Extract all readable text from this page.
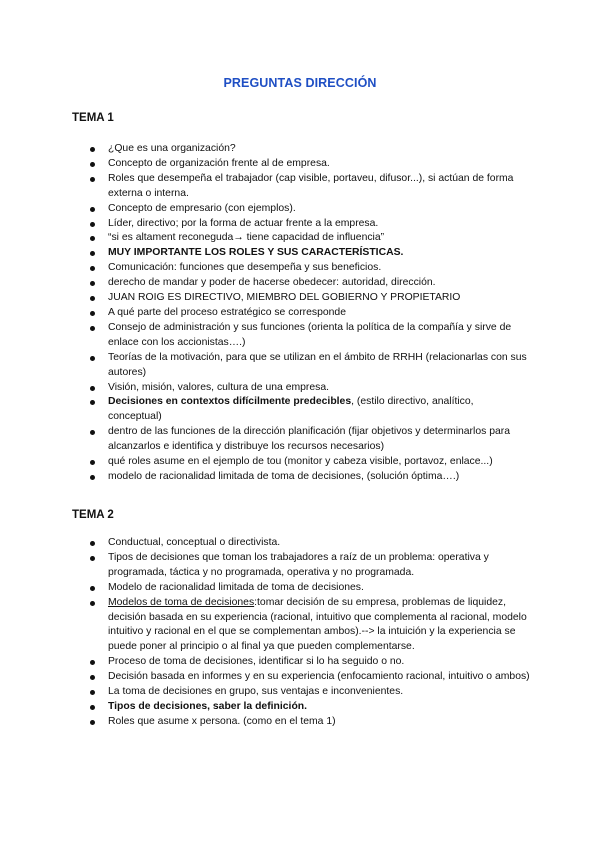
PREGUNTAS DIRECCIÓN
TEMA 1
¿Que es una organización?
Concepto de organización frente al de empresa.
Roles que desempeña el trabajador (cap visible, portaveu, difusor...), si actúan de forma externa o interna.
Concepto de empresario (con ejemplos).
Líder, directivo; por la forma de actuar frente a la empresa.
“si es altament reconeguda→ tiene capacidad de influencia”
MUY IMPORTANTE LOS ROLES Y SUS CARACTERÍSTICAS.
Comunicación: funciones que desempeña y sus beneficios.
derecho de mandar y poder de hacerse obedecer: autoridad, dirección.
JUAN ROIG ES DIRECTIVO, MIEMBRO DEL GOBIERNO Y PROPIETARIO
A qué parte del proceso estratégico se corresponde
Consejo de administración y sus funciones (orienta la política de la compañía y sirve de enlace con los accionistas….)
Teorías de la motivación, para que se utilizan en el ámbito de RRHH (relacionarlas con sus autores)
Visión, misión, valores, cultura de una empresa.
Decisiones en contextos difícilmente predecibles, (estilo directivo, analítico, conceptual)
dentro de las funciones de la dirección planificación (fijar objetivos y determinarlos para alcanzarlos e identifica y distribuye los recursos necesarios)
qué roles asume en el ejemplo de tou (monitor y cabeza visible, portavoz, enlace...)
modelo de racionalidad limitada de toma de decisiones, (solución óptima….)
TEMA 2
Conductual, conceptual o directivista.
Tipos de decisiones que toman los trabajadores a raíz de un problema: operativa y programada, táctica y no programada, operativa y no programada.
Modelo de racionalidad limitada de toma de decisiones.
Modelos de toma de decisiones:tomar decisión de su empresa, problemas de liquidez, decisión basada en su experiencia (racional, intuitivo que complementa al racional, modelo intuitivo y racional en el que se complementan ambos).--> la intuición y la experiencia se puede poner al principio o al final ya que pueden complementarse.
Proceso de toma de decisiones, identificar si lo ha seguido o no.
Decisión basada en informes y en su experiencia (enfocamiento racional, intuitivo o ambos)
La toma de decisiones en grupo, sus ventajas e inconvenientes.
Tipos de decisiones, saber la definición.
Roles que asume x persona. (como en el tema 1)
